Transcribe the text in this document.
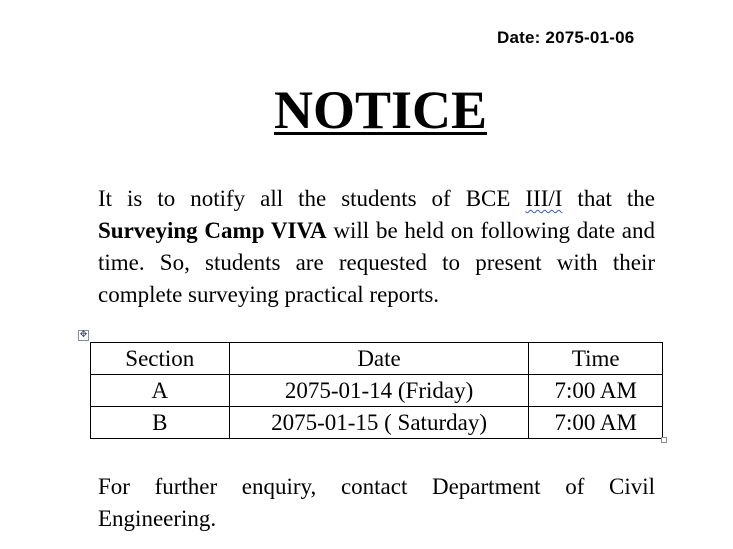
Date: 2075-01-06
NOTICE

It is to notify all the students of BCE III/I that the Surveying Camp VIVA will be held on following date and time. So, students are requested to present with their complete surveying practical reports.

✥
Section	Date	Time
A	2075-01-14 (Friday)	7:00 AM
B	2075-01-15 ( Saturday)	7:00 AM

For further enquiry, contact Department of Civil Engineering.
